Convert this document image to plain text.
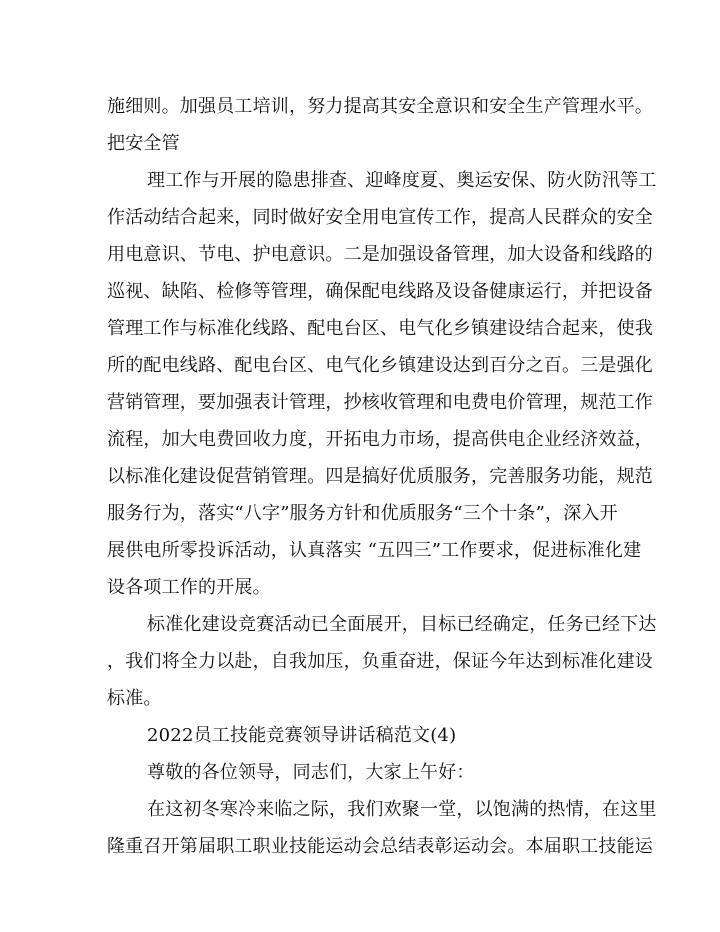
施细则。加强员工培训，努力提高其安全意识和安全生产管理水平。
把安全管
理工作与开展的隐患排查、迎峰度夏、奥运安保、防火防汛等工
作活动结合起来，同时做好安全用电宣传工作，提高人民群众的安全
用电意识、节电、护电意识。二是加强设备管理，加大设备和线路的
巡视、缺陷、检修等管理，确保配电线路及设备健康运行，并把设备
管理工作与标准化线路、配电台区、电气化乡镇建设结合起来，使我
所的配电线路、配电台区、电气化乡镇建设达到百分之百。三是强化
营销管理，要加强表计管理，抄核收管理和电费电价管理，规范工作
流程，加大电费回收力度，开拓电力市场，提高供电企业经济效益，
以标准化建设促营销管理。四是搞好优质服务，完善服务功能，规范
服务行为，落实“八字”服务方针和优质服务“三个十条”，深入开
展供电所零投诉活动，认真落实 “五四三”工作要求，促进标准化建
设各项工作的开展。
标准化建设竞赛活动已全面展开，目标已经确定，任务已经下达
，我们将全力以赴，自我加压，负重奋进，保证今年达到标准化建设
标准。
2022员工技能竞赛领导讲话稿范文(4)
尊敬的各位领导，同志们，大家上午好：
在这初冬寒冷来临之际，我们欢聚一堂，以饱满的热情，在这里
隆重召开第届职工职业技能运动会总结表彰运动会。本届职工技能运
